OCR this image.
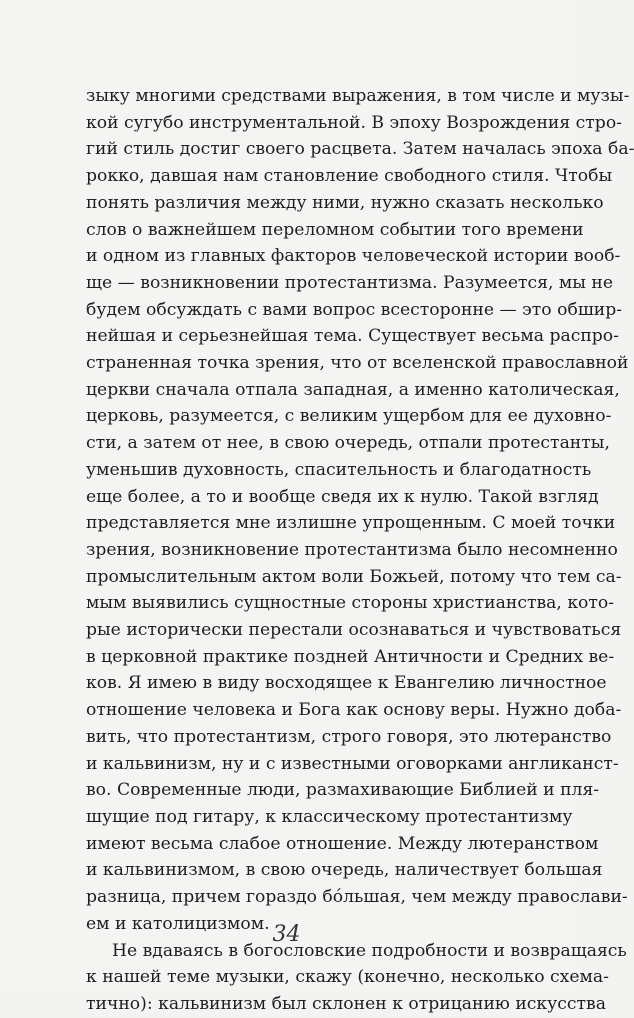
зыку многими средствами выражения, в том числе и музы-
кой сугубо инструментальной. В эпоху Возрождения стро-
гий стиль достиг своего расцвета. Затем началась эпоха ба-
рокко, давшая нам становление свободного стиля. Чтобы
понять различия между ними, нужно сказать несколько
слов о важнейшем переломном событии того времени
и одном из главных факторов человеческой истории вооб-
ще — возникновении протестантизма. Разумеется, мы не
будем обсуждать с вами вопрос всесторонне — это обшир-
нейшая и серьезнейшая тема. Существует весьма распро-
страненная точка зрения, что от вселенской православной
церкви сначала отпала западная, а именно католическая,
церковь, разумеется, с великим ущербом для ее духовно-
сти, а затем от нее, в свою очередь, отпали протестанты,
уменьшив духовность, спасительность и благодатность
еще более, а то и вообще сведя их к нулю. Такой взгляд
представляется мне излишне упрощенным. С моей точки
зрения, возникновение протестантизма было несомненно
промыслительным актом воли Божьей, потому что тем са-
мым выявились сущностные стороны христианства, кото-
рые исторически перестали осознаваться и чувствоваться
в церковной практике поздней Античности и Средних ве-
ков. Я имею в виду восходящее к Евангелию личностное
отношение человека и Бога как основу веры. Нужно доба-
вить, что протестантизм, строго говоря, это лютеранство
и кальвинизм, ну и с известными оговорками англиканст-
во. Современные люди, размахивающие Библией и пля-
шущие под гитару, к классическому протестантизму
имеют весьма слабое отношение. Между лютеранством
и кальвинизмом, в свою очередь, наличествует большая
разница, причем гораздо бóльшая, чем между православи-
ем и католицизмом.
Не вдаваясь в богословские подробности и возвращаясь
к нашей теме музыки, скажу (конечно, несколько схема-
тично): кальвинизм был склонен к отрицанию искусства
34
